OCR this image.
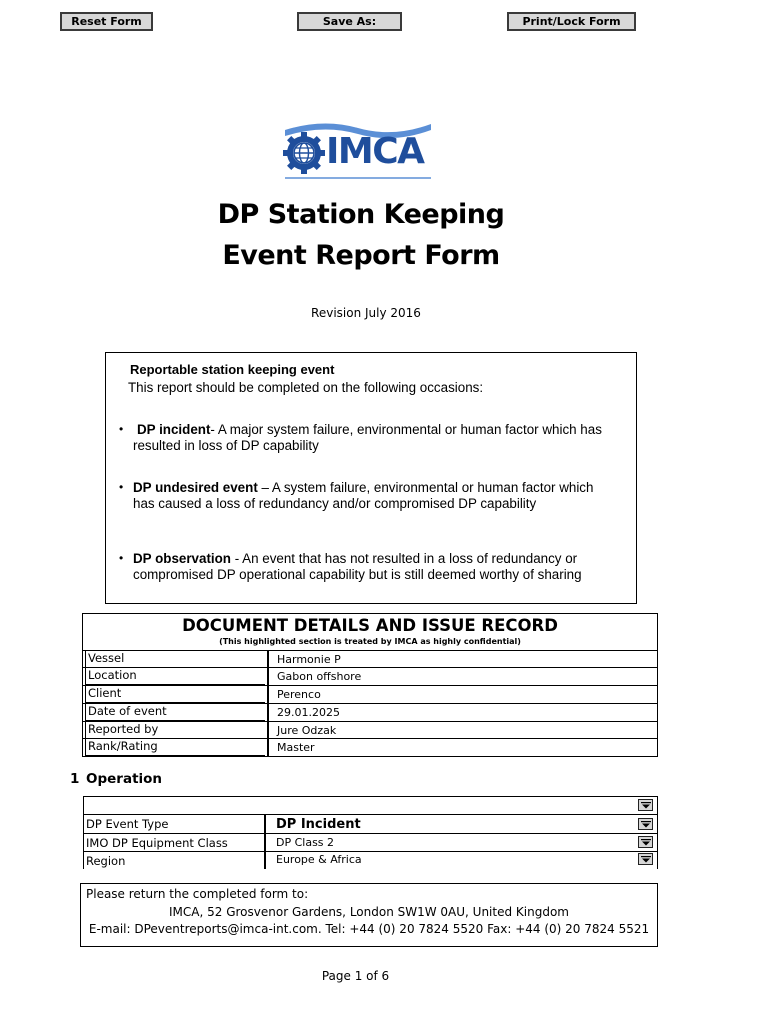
Reset Form	Save As:	Print/Lock Form
IMCA
DP Station Keeping
Event Report Form
Revision July 2016
Reportable station keeping event
This report should be completed on the following occasions:
• DP incident- A major system failure, environmental or human factor which has resulted in loss of DP capability
• DP undesired event – A system failure, environmental or human factor which has caused a loss of redundancy and/or compromised DP capability
• DP observation - An event that has not resulted in a loss of redundancy or compromised DP operational capability but is still deemed worthy of sharing
DOCUMENT DETAILS AND ISSUE RECORD
(This highlighted section is treated by IMCA as highly confidential)
Vessel	Harmonie P
Location	Gabon offshore
Client	Perenco
Date of event	29.01.2025
Reported by	Jure Odzak
Rank/Rating	Master
1 Operation
DP Event Type	DP Incident
IMO DP Equipment Class	DP Class 2
Region	Europe & Africa
Please return the completed form to:
IMCA, 52 Grosvenor Gardens, London SW1W 0AU, United Kingdom
E-mail: DPeventreports@imca-int.com. Tel: +44 (0) 20 7824 5520 Fax: +44 (0) 20 7824 5521
Page 1 of 6
